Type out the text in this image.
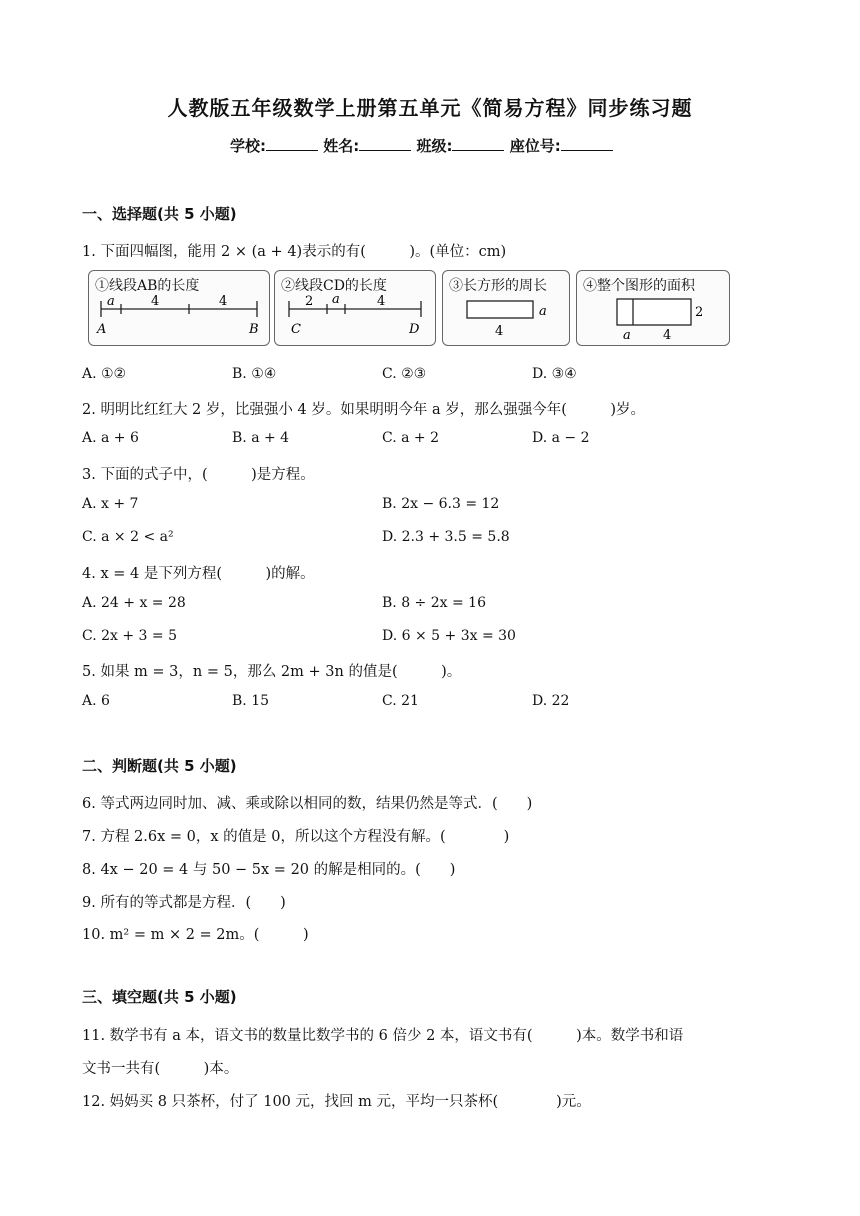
人教版五年级数学上册第五单元《简易方程》同步练习题
学校:	姓名:	班级:	座位号:
一、选择题(共 5 小题)
1. 下面四幅图，能用 2 × (a + 4)表示的有(　　　)。(单位：cm)
①线段AB的长度
a	4	4
A	B
②线段CD的长度
2 a	4
C	D
③长方形的周长
a
4
④整个图形的面积
2
a 4
A. ①②	B. ①④	C. ②③	D. ③④
2. 明明比红红大 2 岁，比强强小 4 岁。如果明明今年 a 岁，那么强强今年(　　　)岁。
A. a + 6	B. a + 4	C. a + 2	D. a − 2
3. 下面的式子中，(　　　)是方程。
A. x + 7	B. 2x − 6.3 = 12
C. a × 2 < a²	D. 2.3 + 3.5 = 5.8
4. x = 4 是下列方程(　　　)的解。
A. 24 + x = 28	B. 8 ÷ 2x = 16
C. 2x + 3 = 5	D. 6 × 5 + 3x = 30
5. 如果 m = 3，n = 5，那么 2m + 3n 的值是(　　　)。
A. 6	B. 15	C. 21	D. 22
二、判断题(共 5 小题)
6. 等式两边同时加、减、乘或除以相同的数，结果仍然是等式．(　　)
7. 方程 2.6x = 0，x 的值是 0，所以这个方程没有解。(　　　　)
8. 4x − 20 = 4 与 50 − 5x = 20 的解是相同的。(　　)
9. 所有的等式都是方程．(　　)
10. m² = m × 2 = 2m。(　　　)
三、填空题(共 5 小题)
11. 数学书有 a 本，语文书的数量比数学书的 6 倍少 2 本，语文书有(　　　)本。数学书和语
文书一共有(　　　)本。
12. 妈妈买 8 只茶杯，付了 100 元，找回 m 元，平均一只茶杯(　　　　)元。
